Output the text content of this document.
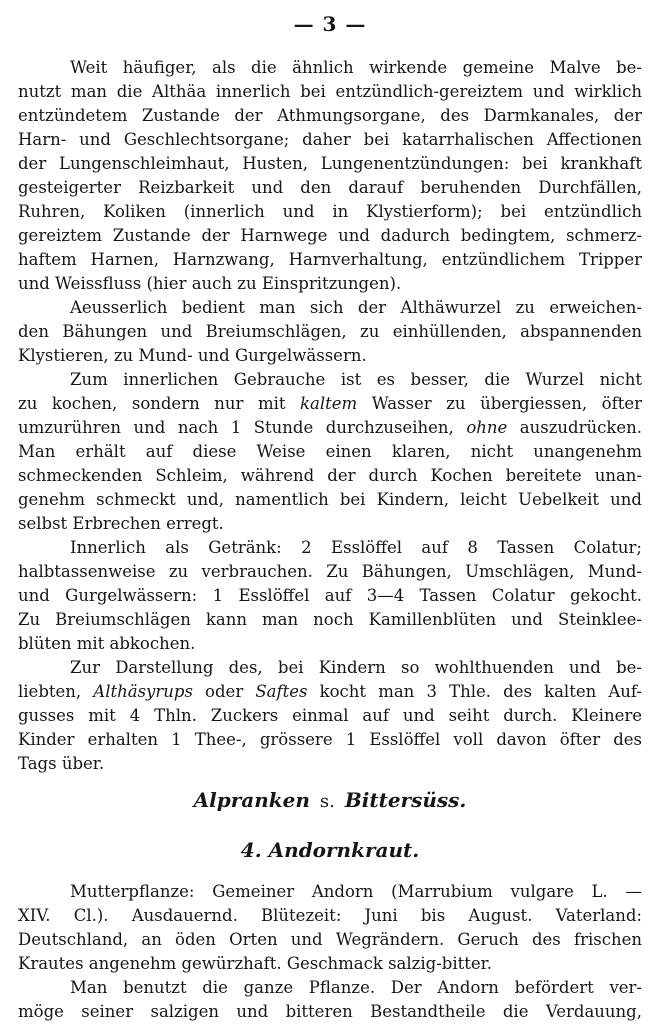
— 3 —
Weit häufiger, als die ähnlich wirkende gemeine Malve be-
nutzt man die Althäa innerlich bei entzündlich-gereiztem und wirklich
entzündetem Zustande der Athmungsorgane, des Darmkanales, der
Harn- und Geschlechtsorgane; daher bei katarrhalischen Affectionen
der Lungenschleimhaut, Husten, Lungenentzündungen: bei krankhaft
gesteigerter Reizbarkeit und den darauf beruhenden Durchfällen,
Ruhren, Koliken (innerlich und in Klystierform); bei entzündlich
gereiztem Zustande der Harnwege und dadurch bedingtem, schmerz-
haftem Harnen, Harnzwang, Harnverhaltung, entzündlichem Tripper
und Weissfluss (hier auch zu Einspritzungen).
Aeusserlich bedient man sich der Althäwurzel zu erweichen-
den Bähungen und Breiumschlägen, zu einhüllenden, abspannenden
Klystieren, zu Mund- und Gurgelwässern.
Zum innerlichen Gebrauche ist es besser, die Wurzel nicht
zu kochen, sondern nur mit kaltem Wasser zu übergiessen, öfter
umzurühren und nach 1 Stunde durchzuseihen, ohne auszudrücken.
Man erhält auf diese Weise einen klaren, nicht unangenehm
schmeckenden Schleim, während der durch Kochen bereitete unan-
genehm schmeckt und, namentlich bei Kindern, leicht Uebelkeit und
selbst Erbrechen erregt.
Innerlich als Getränk: 2 Esslöffel auf 8 Tassen Colatur;
halbtassenweise zu verbrauchen. Zu Bähungen, Umschlägen, Mund-
und Gurgelwässern: 1 Esslöffel auf 3—4 Tassen Colatur gekocht.
Zu Breiumschlägen kann man noch Kamillenblüten und Steinklee-
blüten mit abkochen.
Zur Darstellung des, bei Kindern so wohlthuenden und be-
liebten, Althäsyrups oder Saftes kocht man 3 Thle. des kalten Auf-
gusses mit 4 Thln. Zuckers einmal auf und seiht durch. Kleinere
Kinder erhalten 1 Thee-, grössere 1 Esslöffel voll davon öfter des
Tags über.
Alpranken s. Bittersüss.
4. Andornkraut.
Mutterpflanze: Gemeiner Andorn (Marrubium vulgare L. —
XIV. Cl.). Ausdauernd. Blütezeit: Juni bis August. Vaterland:
Deutschland, an öden Orten und Wegrändern. Geruch des frischen
Krautes angenehm gewürzhaft. Geschmack salzig-bitter.
Man benutzt die ganze Pflanze. Der Andorn befördert ver-
möge seiner salzigen und bitteren Bestandtheile die Verdauung,
